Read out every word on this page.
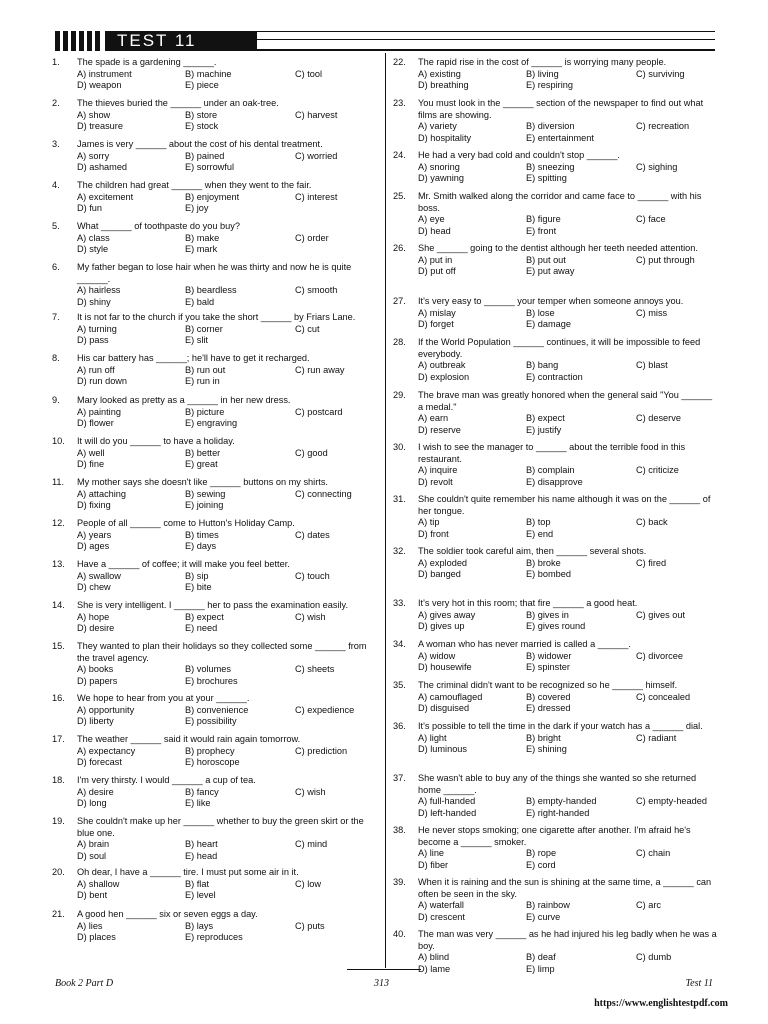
TEST 11
1.	The spade is a gardening ______.
A) instrument	B) machine	C) tool
D) weapon	E) piece
2.	The thieves buried the ______ under an oak-tree.
A) show	B) store	C) harvest
D) treasure	E) stock
3.	James is very ______ about the cost of his dental treatment.
A) sorry	B) pained	C) worried
D) ashamed	E) sorrowful
4.	The children had great ______ when they went to the fair.
A) excitement	B) enjoyment	C) interest
D) fun	E) joy
5.	What ______ of toothpaste do you buy?
A) class	B) make	C) order
D) style	E) mark
6.	My father began to lose hair when he was thirty and now he is quite ______.
A) hairless	B) beardless	C) smooth
D) shiny	E) bald
7.	It is not far to the church if you take the short ______ by Friars Lane.
A) turning	B) corner	C) cut
D) pass	E) slit
8.	His car battery has ______; he'll have to get it recharged.
A) run off	B) run out	C) run away
D) run down	E) run in
9.	Mary looked as pretty as a ______ in her new dress.
A) painting	B) picture	C) postcard
D) flower	E) engraving
10.	It will do you ______ to have a holiday.
A) well	B) better	C) good
D) fine	E) great
11.	My mother says she doesn't like ______ buttons on my shirts.
A) attaching	B) sewing	C) connecting
D) fixing	E) joining
12.	People of all ______ come to Hutton's Holiday Camp.
A) years	B) times	C) dates
D) ages	E) days
13.	Have a ______ of coffee; it will make you feel better.
A) swallow	B) sip	C) touch
D) chew	E) bite
14.	She is very intelligent. I ______ her to pass the examination easily.
A) hope	B) expect	C) wish
D) desire	E) need
15.	They wanted to plan their holidays so they collected some ______ from the travel agency.
A) books	B) volumes	C) sheets
D) papers	E) brochures
16.	We hope to hear from you at your ______.
A) opportunity	B) convenience	C) expedience
D) liberty	E) possibility
17.	The weather ______ said it would rain again tomorrow.
A) expectancy	B) prophecy	C) prediction
D) forecast	E) horoscope
18.	I'm very thirsty. I would ______ a cup of tea.
A) desire	B) fancy	C) wish
D) long	E) like
19.	She couldn't make up her ______ whether to buy the green skirt or the blue one.
A) brain	B) heart	C) mind
D) soul	E) head
20.	Oh dear, I have a ______ tire. I must put some air in it.
A) shallow	B) flat	C) low
D) bent	E) level
21.	A good hen ______ six or seven eggs a day.
A) lies	B) lays	C) puts
D) places	E) reproduces
22.	The rapid rise in the cost of ______ is worrying many people.
A) existing	B) living	C) surviving
D) breathing	E) respiring
23.	You must look in the ______ section of the newspaper to find out what films are showing.
A) variety	B) diversion	C) recreation
D) hospitality	E) entertainment
24.	He had a very bad cold and couldn't stop ______.
A) snoring	B) sneezing	C) sighing
D) yawning	E) spitting
25.	Mr. Smith walked along the corridor and came face to ______ with his boss.
A) eye	B) figure	C) face
D) head	E) front
26.	She ______ going to the dentist although her teeth needed attention.
A) put in	B) put out	C) put through
D) put off	E) put away
27.	It's very easy to ______ your temper when someone annoys you.
A) mislay	B) lose	C) miss
D) forget	E) damage
28.	If the World Population ______ continues, it will be impossible to feed everybody.
A) outbreak	B) bang	C) blast
D) explosion	E) contraction
29.	The brave man was greatly honored when the general said "You ______ a medal."
A) earn	B) expect	C) deserve
D) reserve	E) justify
30.	I wish to see the manager to ______ about the terrible food in this restaurant.
A) inquire	B) complain	C) criticize
D) revolt	E) disapprove
31.	She couldn't quite remember his name although it was on the ______ of her tongue.
A) tip	B) top	C) back
D) front	E) end
32.	The soldier took careful aim, then ______ several shots.
A) exploded	B) broke	C) fired
D) banged	E) bombed
33.	It's very hot in this room; that fire ______ a good heat.
A) gives away	B) gives in	C) gives out
D) gives up	E) gives round
34.	A woman who has never married is called a ______.
A) widow	B) widower	C) divorcee
D) housewife	E) spinster
35.	The criminal didn't want to be recognized so he ______ himself.
A) camouflaged	B) covered	C) concealed
D) disguised	E) dressed
36.	It's possible to tell the time in the dark if your watch has a ______ dial.
A) light	B) bright	C) radiant
D) luminous	E) shining
37.	She wasn't able to buy any of the things she wanted so she returned home ______.
A) full-handed	B) empty-handed	C) empty-headed
D) left-handed	E) right-handed
38.	He never stops smoking; one cigarette after another. I'm afraid he's become a ______ smoker.
A) line	B) rope	C) chain
D) fiber	E) cord
39.	When it is raining and the sun is shining at the same time, a ______ can often be seen in the sky.
A) waterfall	B) rainbow	C) arc
D) crescent	E) curve
40.	The man was very ______ as he had injured his leg badly when he was a boy.
A) blind	B) deaf	C) dumb
D) lame	E) limp
Book 2 Part D	313	Test 11
https://www.englishtestpdf.com
